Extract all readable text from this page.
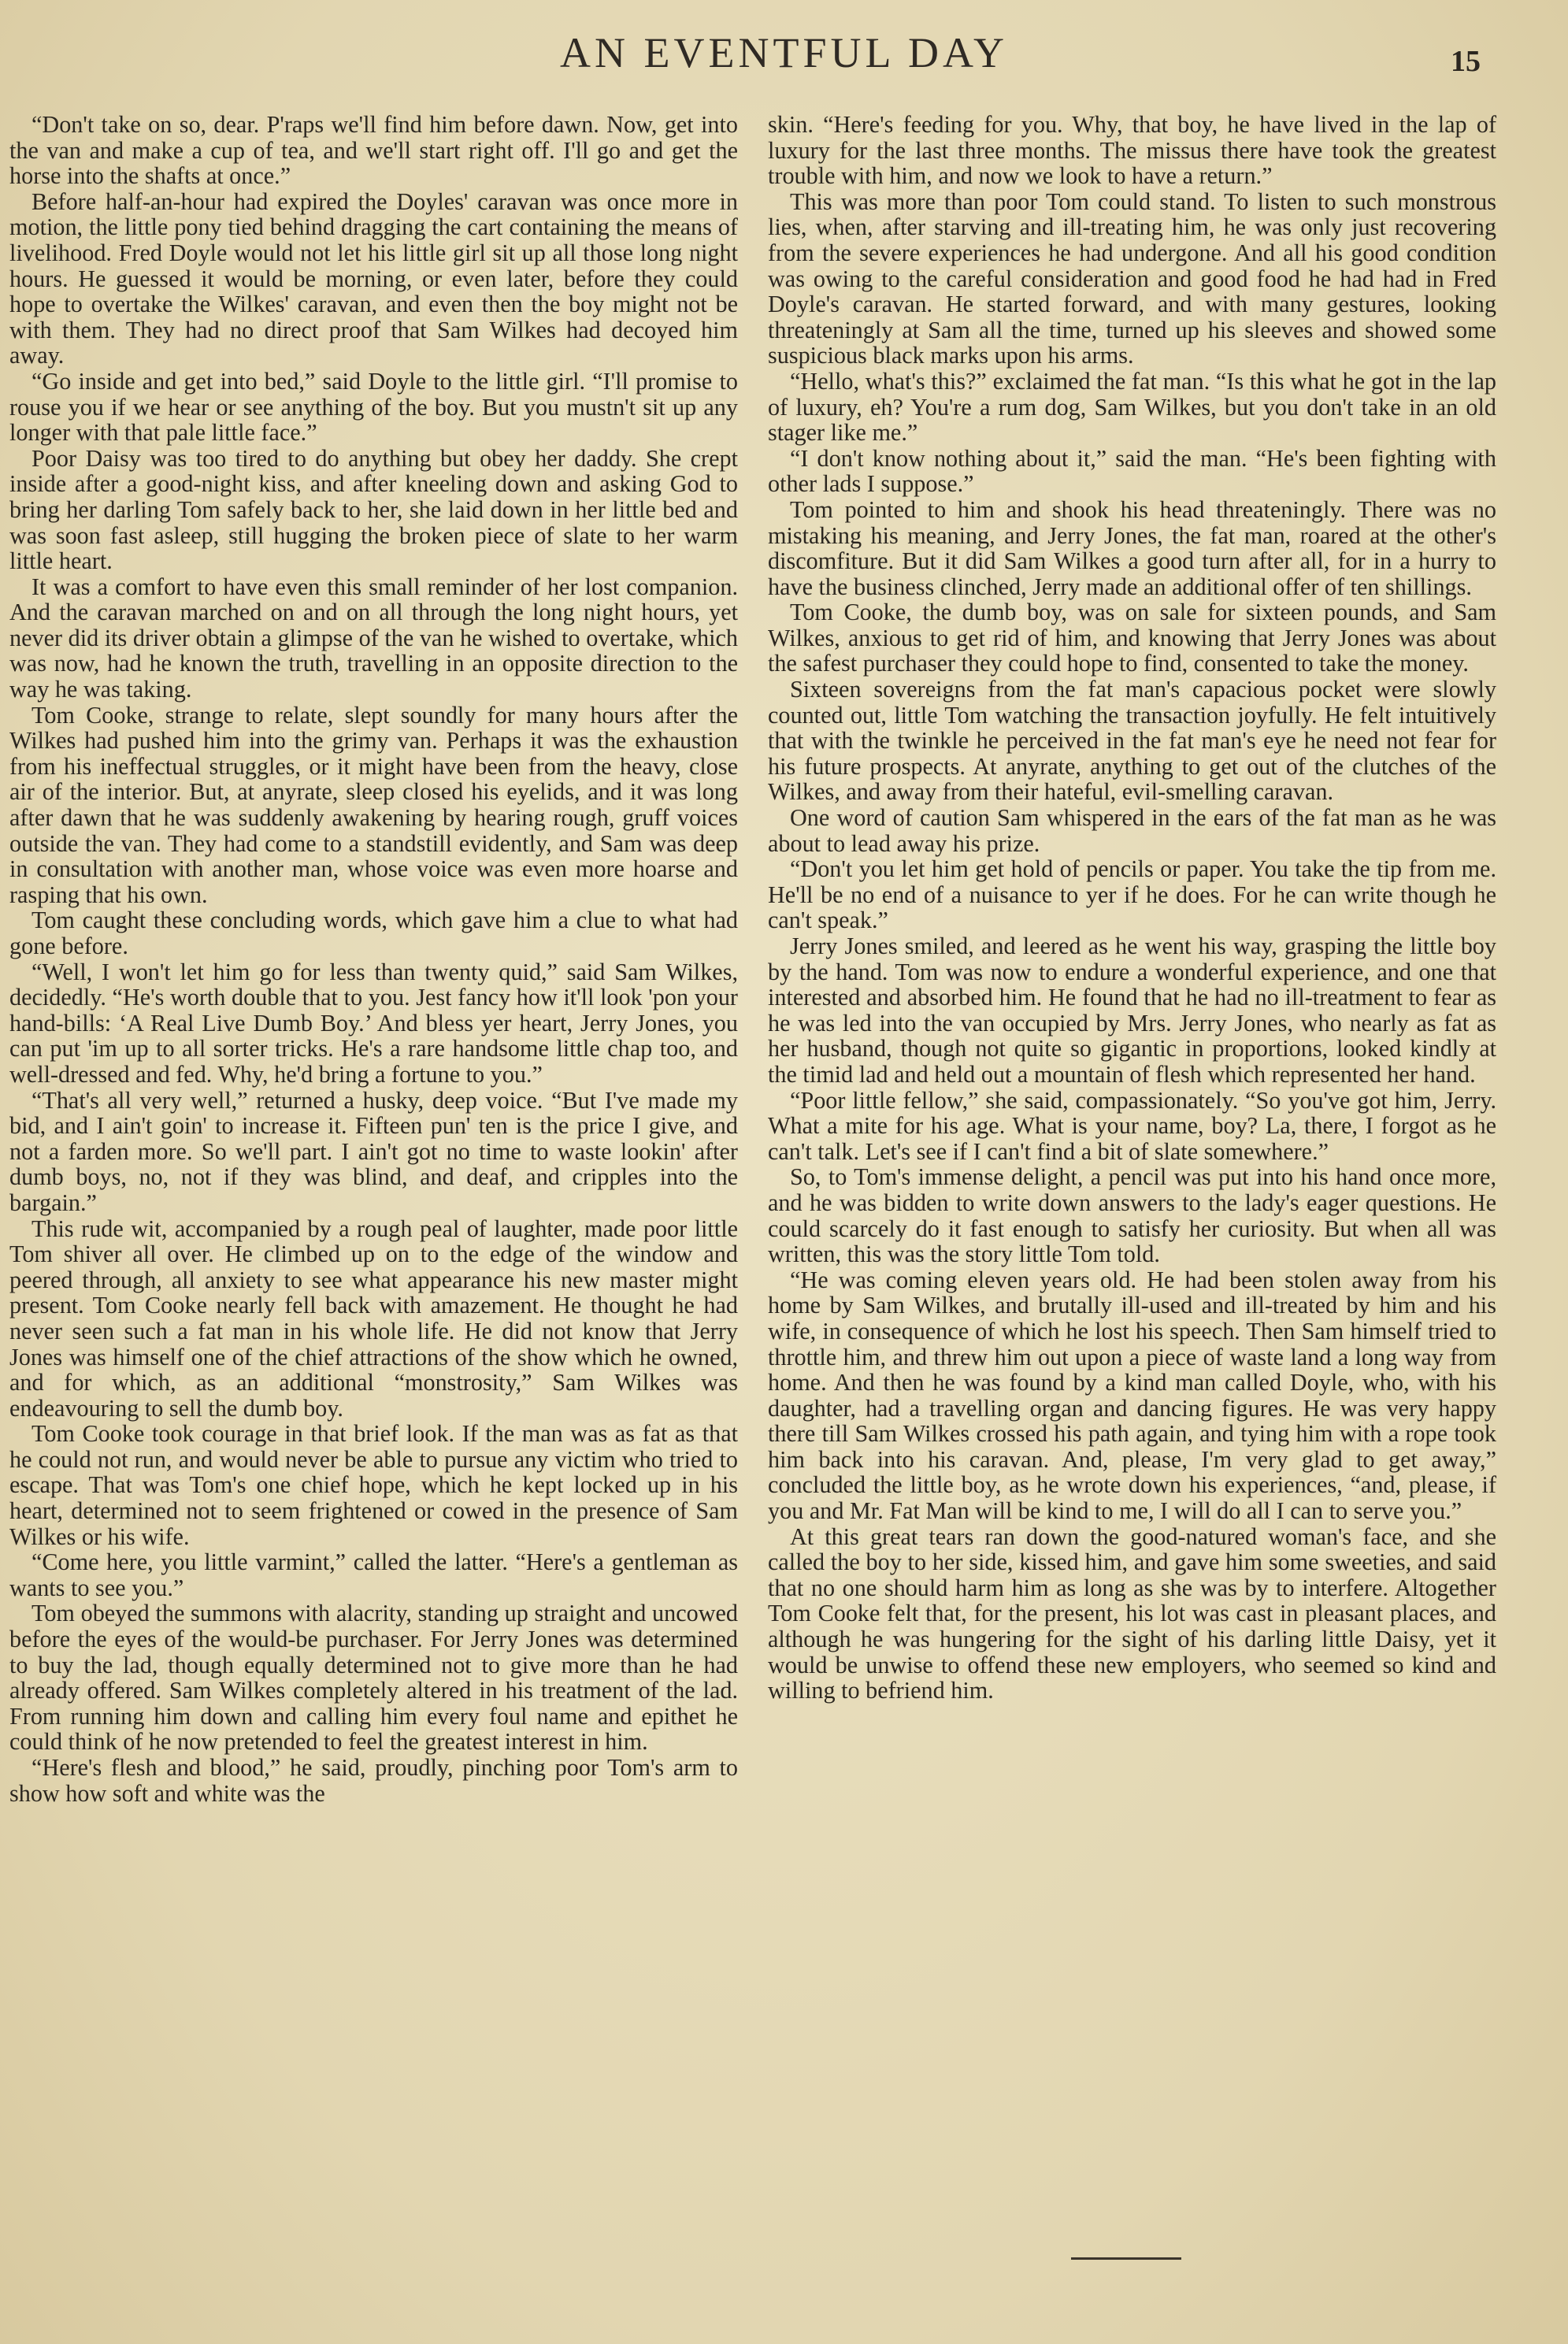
AN EVENTFUL DAY	15

“Don't take on so, dear. P'raps we'll find him before dawn. Now, get into the van and make a cup of tea, and we'll start right off. I'll go and get the horse into the shafts at once.”

Before half-an-hour had expired the Doyles' caravan was once more in motion, the little pony tied behind dragging the cart containing the means of livelihood. Fred Doyle would not let his little girl sit up all those long night hours. He guessed it would be morning, or even later, before they could hope to overtake the Wilkes' caravan, and even then the boy might not be with them. They had no direct proof that Sam Wilkes had decoyed him away.

“Go inside and get into bed,” said Doyle to the little girl. “I'll promise to rouse you if we hear or see anything of the boy. But you mustn't sit up any longer with that pale little face.”

Poor Daisy was too tired to do anything but obey her daddy. She crept inside after a good-night kiss, and after kneeling down and asking God to bring her darling Tom safely back to her, she laid down in her little bed and was soon fast asleep, still hugging the broken piece of slate to her warm little heart.

It was a comfort to have even this small reminder of her lost companion. And the caravan marched on and on all through the long night hours, yet never did its driver obtain a glimpse of the van he wished to overtake, which was now, had he known the truth, travelling in an opposite direction to the way he was taking.

Tom Cooke, strange to relate, slept soundly for many hours after the Wilkes had pushed him into the grimy van. Perhaps it was the exhaustion from his ineffectual struggles, or it might have been from the heavy, close air of the interior. But, at anyrate, sleep closed his eyelids, and it was long after dawn that he was suddenly awakening by hearing rough, gruff voices outside the van. They had come to a standstill evidently, and Sam was deep in consultation with another man, whose voice was even more hoarse and rasping that his own.

Tom caught these concluding words, which gave him a clue to what had gone before.

“Well, I won't let him go for less than twenty quid,” said Sam Wilkes, decidedly. “He's worth double that to you. Jest fancy how it'll look 'pon your hand-bills: ‘A Real Live Dumb Boy.’ And bless yer heart, Jerry Jones, you can put 'im up to all sorter tricks. He's a rare handsome little chap too, and well-dressed and fed. Why, he'd bring a fortune to you.”

“That's all very well,” returned a husky, deep voice. “But I've made my bid, and I ain't goin' to increase it. Fifteen pun' ten is the price I give, and not a farden more. So we'll part. I ain't got no time to waste lookin' after dumb boys, no, not if they was blind, and deaf, and cripples into the bargain.”

This rude wit, accompanied by a rough peal of laughter, made poor little Tom shiver all over. He climbed up on to the edge of the window and peered through, all anxiety to see what appearance his new master might present. Tom Cooke nearly fell back with amazement. He thought he had never seen such a fat man in his whole life. He did not know that Jerry Jones was himself one of the chief attractions of the show which he owned, and for which, as an additional “monstrosity,” Sam Wilkes was endeavouring to sell the dumb boy.

Tom Cooke took courage in that brief look. If the man was as fat as that he could not run, and would never be able to pursue any victim who tried to escape. That was Tom's one chief hope, which he kept locked up in his heart, determined not to seem frightened or cowed in the presence of Sam Wilkes or his wife.

“Come here, you little varmint,” called the latter. “Here's a gentleman as wants to see you.”

Tom obeyed the summons with alacrity, standing up straight and uncowed before the eyes of the would-be purchaser. For Jerry Jones was determined to buy the lad, though equally determined not to give more than he had already offered. Sam Wilkes completely altered in his treatment of the lad. From running him down and calling him every foul name and epithet he could think of he now pretended to feel the greatest interest in him.

“Here's flesh and blood,” he said, proudly, pinching poor Tom's arm to show how soft and white was the

skin. “Here's feeding for you. Why, that boy, he have lived in the lap of luxury for the last three months. The missus there have took the greatest trouble with him, and now we look to have a return.”

This was more than poor Tom could stand. To listen to such monstrous lies, when, after starving and ill-treating him, he was only just recovering from the severe experiences he had undergone. And all his good condition was owing to the careful consideration and good food he had had in Fred Doyle's caravan. He started forward, and with many gestures, looking threateningly at Sam all the time, turned up his sleeves and showed some suspicious black marks upon his arms.

“Hello, what's this?” exclaimed the fat man. “Is this what he got in the lap of luxury, eh? You're a rum dog, Sam Wilkes, but you don't take in an old stager like me.”

“I don't know nothing about it,” said the man. “He's been fighting with other lads I suppose.”

Tom pointed to him and shook his head threateningly. There was no mistaking his meaning, and Jerry Jones, the fat man, roared at the other's discomfiture. But it did Sam Wilkes a good turn after all, for in a hurry to have the business clinched, Jerry made an additional offer of ten shillings.

Tom Cooke, the dumb boy, was on sale for sixteen pounds, and Sam Wilkes, anxious to get rid of him, and knowing that Jerry Jones was about the safest purchaser they could hope to find, consented to take the money.

Sixteen sovereigns from the fat man's capacious pocket were slowly counted out, little Tom watching the transaction joyfully. He felt intuitively that with the twinkle he perceived in the fat man's eye he need not fear for his future prospects. At anyrate, anything to get out of the clutches of the Wilkes, and away from their hateful, evil-smelling caravan.

One word of caution Sam whispered in the ears of the fat man as he was about to lead away his prize.

“Don't you let him get hold of pencils or paper. You take the tip from me. He'll be no end of a nuisance to yer if he does. For he can write though he can't speak.”

Jerry Jones smiled, and leered as he went his way, grasping the little boy by the hand. Tom was now to endure a wonderful experience, and one that interested and absorbed him. He found that he had no ill-treatment to fear as he was led into the van occupied by Mrs. Jerry Jones, who nearly as fat as her husband, though not quite so gigantic in proportions, looked kindly at the timid lad and held out a mountain of flesh which represented her hand.

“Poor little fellow,” she said, compassionately. “So you've got him, Jerry. What a mite for his age. What is your name, boy? La, there, I forgot as he can't talk. Let's see if I can't find a bit of slate somewhere.”

So, to Tom's immense delight, a pencil was put into his hand once more, and he was bidden to write down answers to the lady's eager questions. He could scarcely do it fast enough to satisfy her curiosity. But when all was written, this was the story little Tom told.

“He was coming eleven years old. He had been stolen away from his home by Sam Wilkes, and brutally ill-used and ill-treated by him and his wife, in consequence of which he lost his speech. Then Sam himself tried to throttle him, and threw him out upon a piece of waste land a long way from home. And then he was found by a kind man called Doyle, who, with his daughter, had a travelling organ and dancing figures. He was very happy there till Sam Wilkes crossed his path again, and tying him with a rope took him back into his caravan. And, please, I'm very glad to get away,” concluded the little boy, as he wrote down his experiences, “and, please, if you and Mr. Fat Man will be kind to me, I will do all I can to serve you.”

At this great tears ran down the good-natured woman's face, and she called the boy to her side, kissed him, and gave him some sweeties, and said that no one should harm him as long as she was by to interfere. Altogether Tom Cooke felt that, for the present, his lot was cast in pleasant places, and although he was hungering for the sight of his darling little Daisy, yet it would be unwise to offend these new employers, who seemed so kind and willing to befriend him.
